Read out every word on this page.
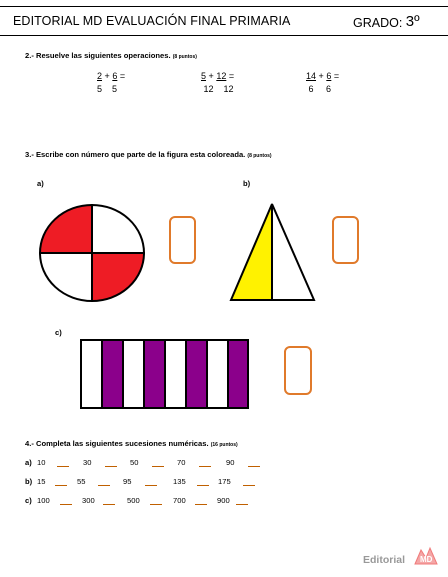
EDITORIAL MD EVALUACIÓN FINAL PRIMARIA	GRADO: 3º
2.- Resuelve las siguientes operaciones. (8 puntos)
2 + 6 =
5 5
5 + 12 =
12 12
14 + 6 =
6 6
3.- Escribe con número que parte de la figura esta coloreada. (8 puntos)
a)	b)
c)
4.- Completa las siguientes sucesiones numéricas. (16 puntos)
a) 10	30	50	70	90
b) 15	55	95	135	175
c) 100	300	500	700	900
Editorial MD
